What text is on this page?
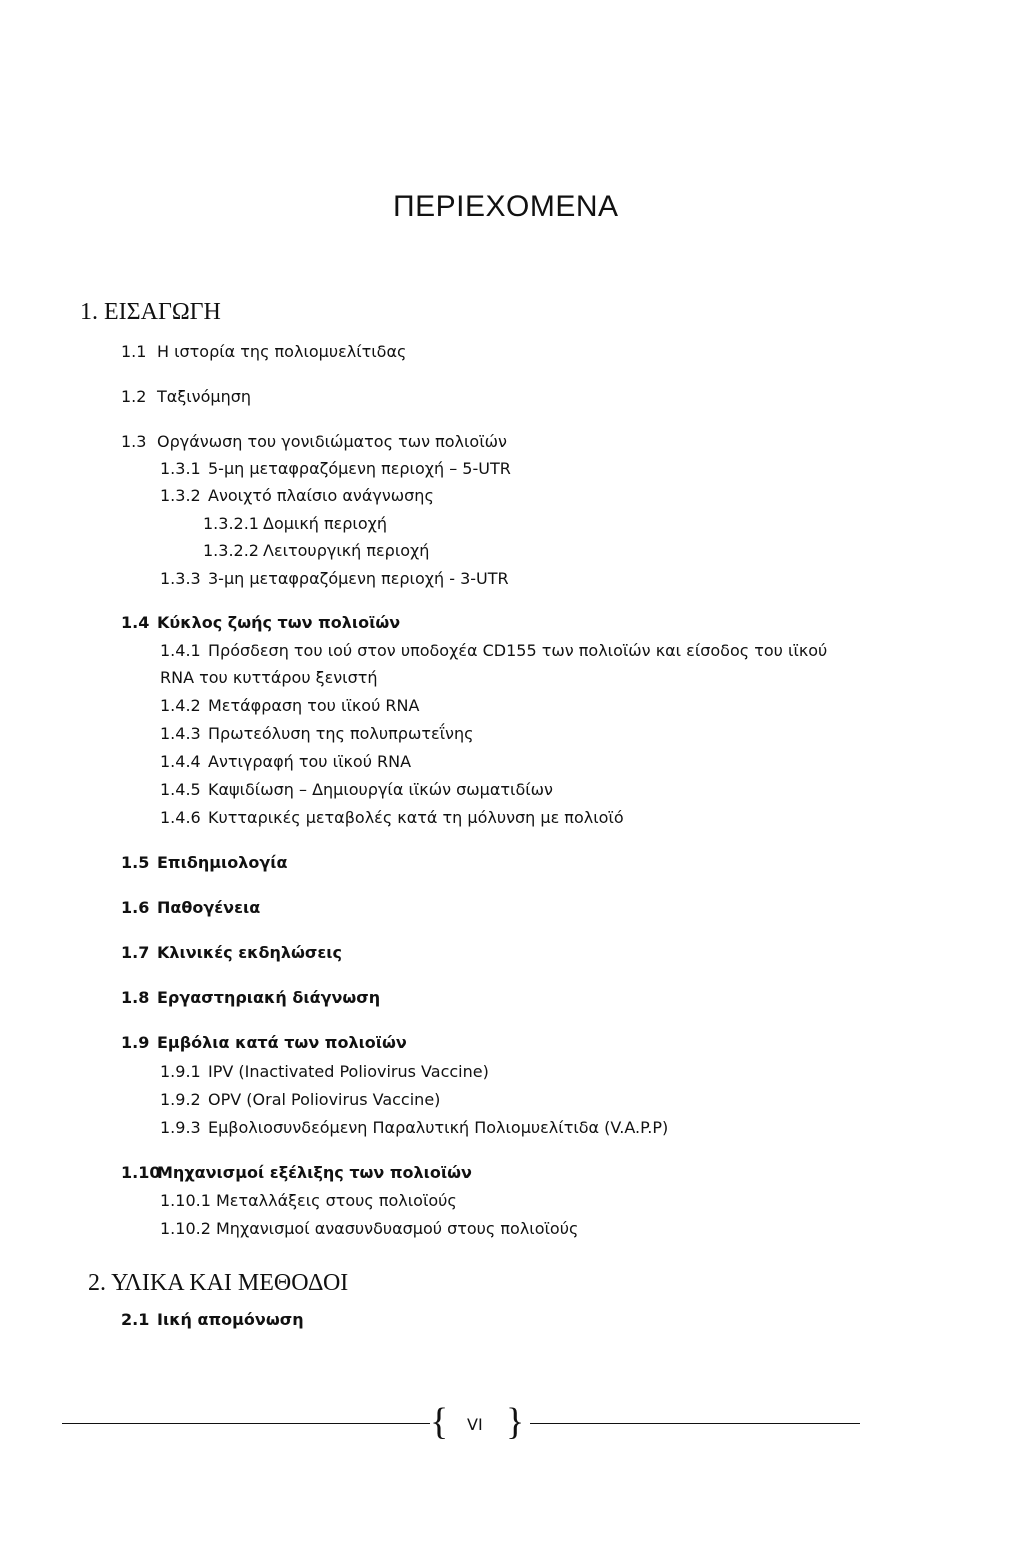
ΠΕΡΙΕΧΟΜΕΝΑ
1. ΕΙΣΑΓΩΓΗ
1.1 Η ιστορία της πολιομυελίτιδας
1.2 Ταξινόμηση
1.3 Οργάνωση του γονιδιώματος των πολιοϊών
1.3.1 5-μη μεταφραζόμενη περιοχή – 5-UTR
1.3.2 Ανοιχτό πλαίσιο ανάγνωσης
1.3.2.1 Δομική περιοχή
1.3.2.2 Λειτουργική περιοχή
1.3.3 3-μη μεταφραζόμενη περιοχή - 3-UTR
1.4 Κύκλος ζωής των πολιοϊών
1.4.1 Πρόσδεση του ιού στον υποδοχέα CD155 των πολιοϊών και είσοδος του ιϊκού
RNA του κυττάρου ξενιστή
1.4.2 Μετάφραση του ιϊκού RNA
1.4.3 Πρωτεόλυση της πολυπρωτεΐνης
1.4.4 Αντιγραφή του ιϊκού RNA
1.4.5 Καψιδίωση – Δημιουργία ιϊκών σωματιδίων
1.4.6 Κυτταρικές μεταβολές κατά τη μόλυνση με πολιοϊό
1.5 Επιδημιολογία
1.6 Παθογένεια
1.7 Κλινικές εκδηλώσεις
1.8 Εργαστηριακή διάγνωση
1.9 Εμβόλια κατά των πολιοϊών
1.9.1 IPV (Inactivated Poliovirus Vaccine)
1.9.2 OPV (Oral Poliovirus Vaccine)
1.9.3 Εμβολιοσυνδεόμενη Παραλυτική Πολιομυελίτιδα (V.A.P.P)
1.10Μηχανισμοί εξέλιξης των πολιοϊών
1.10.1 Μεταλλάξεις στους πολιοϊούς
1.10.2 Μηχανισμοί ανασυνδυασμού στους πολιοϊούς
2. ΥΛΙΚΑ ΚΑΙ ΜΕΘΟΔΟΙ
2.1 Ιική απομόνωση
{ VI }
